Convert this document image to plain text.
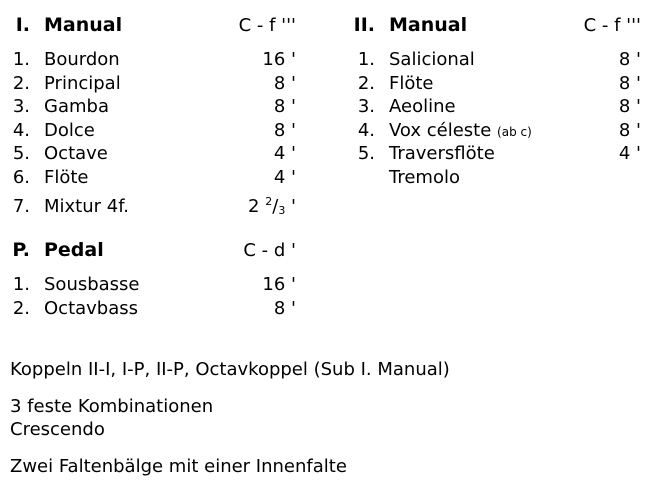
I. Manual	C - f '''
1. Bourdon	16 '
2. Principal	8 '
3. Gamba	8 '
4. Dolce	8 '
5. Octave	4 '
6. Flöte	4 '
7. Mixtur 4f.	2 $^2/_3$ '
II. Manual	C - f '''
1. Salicional	8 '
2. Flöte	8 '
3. Aeoline	8 '
4. Vox céleste (ab c)	8 '
5. Traversflöte	4 '
Tremolo
P. Pedal	C - d '
1. Sousbasse	16 '
2. Octavbass	8 '
Koppeln II-I, I-P, II-P, Octavkoppel (Sub I. Manual)
3 feste Kombinationen
Crescendo
Zwei Faltenbälge mit einer Innenfalte
